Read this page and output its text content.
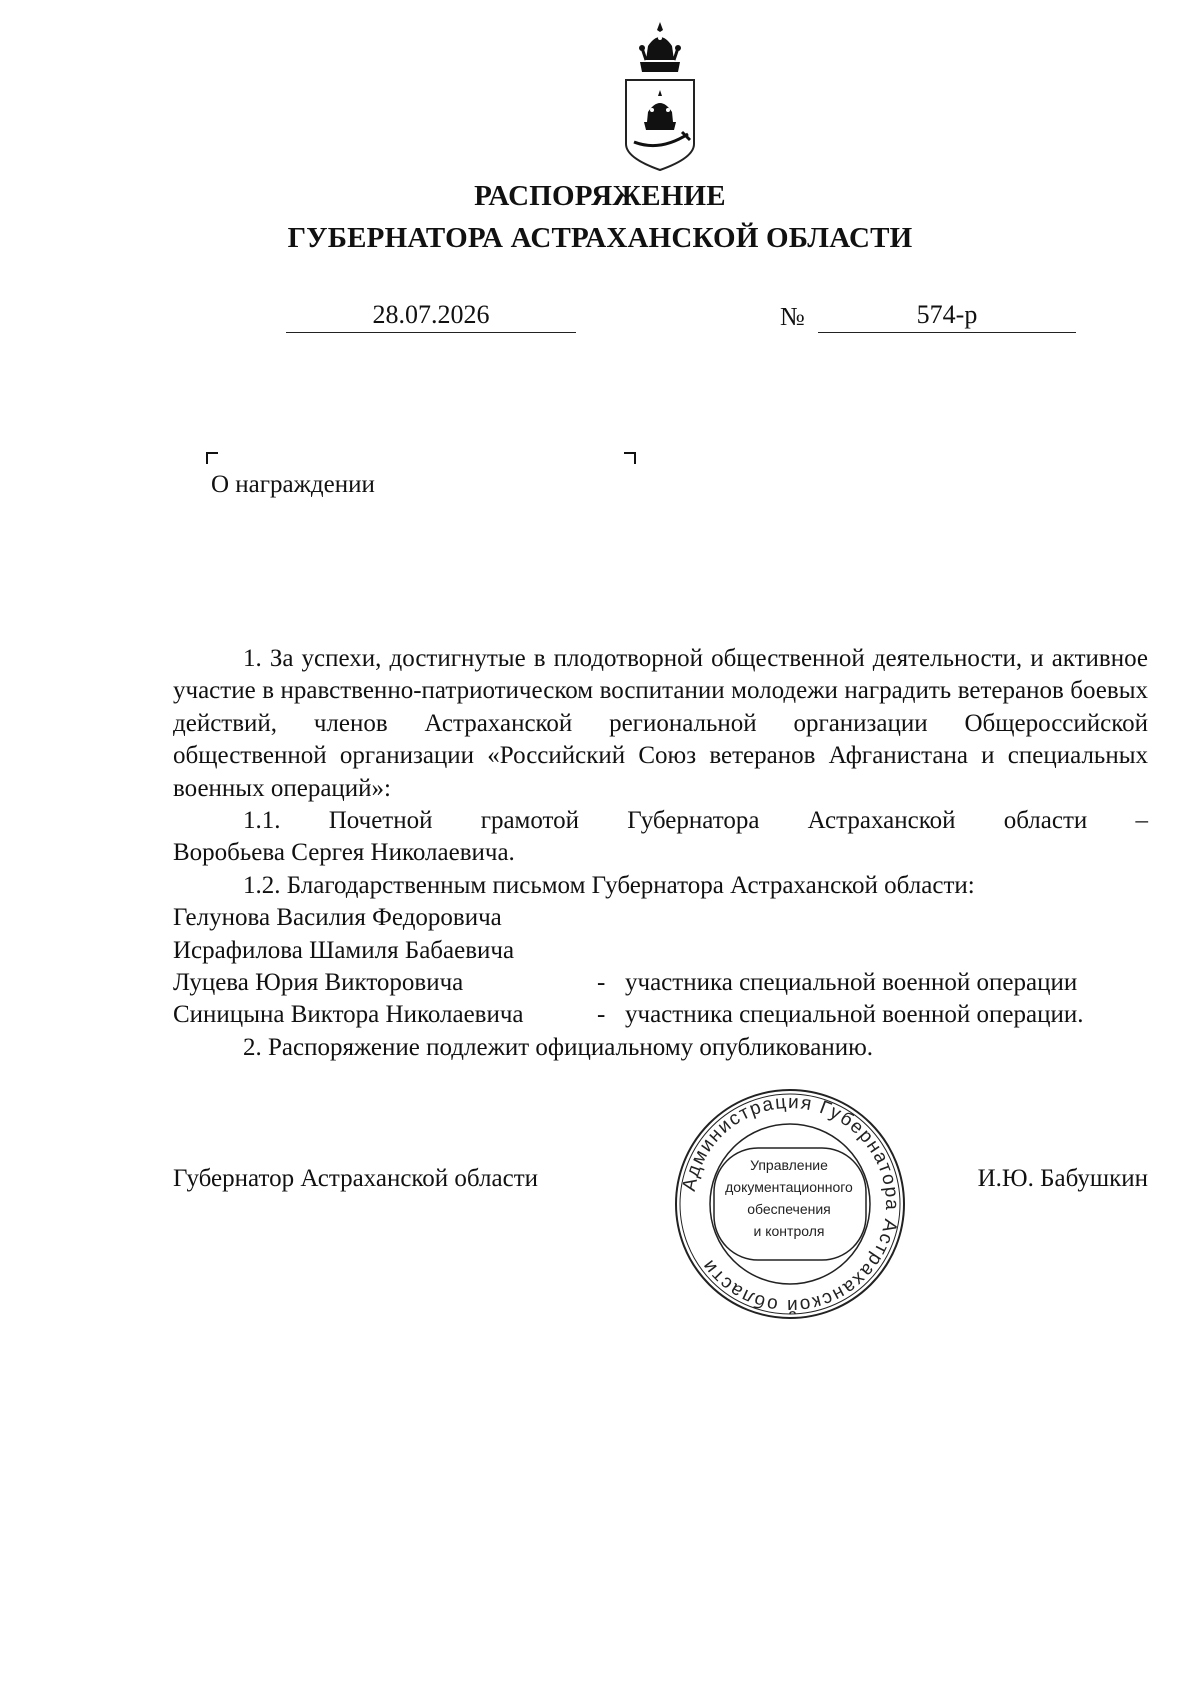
РАСПОРЯЖЕНИЕ
ГУБЕРНАТОРА АСТРАХАНСКОЙ ОБЛАСТИ
28.07.2026	№	574-р
О награждении

1. За успехи, достигнутые в плодотворной общественной деятельности, и активное участие в нравственно-патриотическом воспитании молодежи наградить ветеранов боевых действий, членов Астраханской региональной организации Общероссийской общественной организации «Российский Союз ветеранов Афганистана и специальных военных операций»:

1.1. Почетной грамотой Губернатора Астраханской области –

Воробьева Сергея Николаевича.

1.2. Благодарственным письмом Губернатора Астраханской области:

Гелунова Василия Федоровича
Исрафилова Шамиля Бабаевича
Луцева Юрия Викторовича	- участника специальной военной операции
Синицына Виктора Николаевича	- участника специальной военной операции.

2. Распоряжение подлежит официальному опубликованию.

Губернатор Астраханской области	И.Ю. Бабушкин
Администрация Губернатора Астраханской области
Управление
документационного
обеспечения
и контроля
